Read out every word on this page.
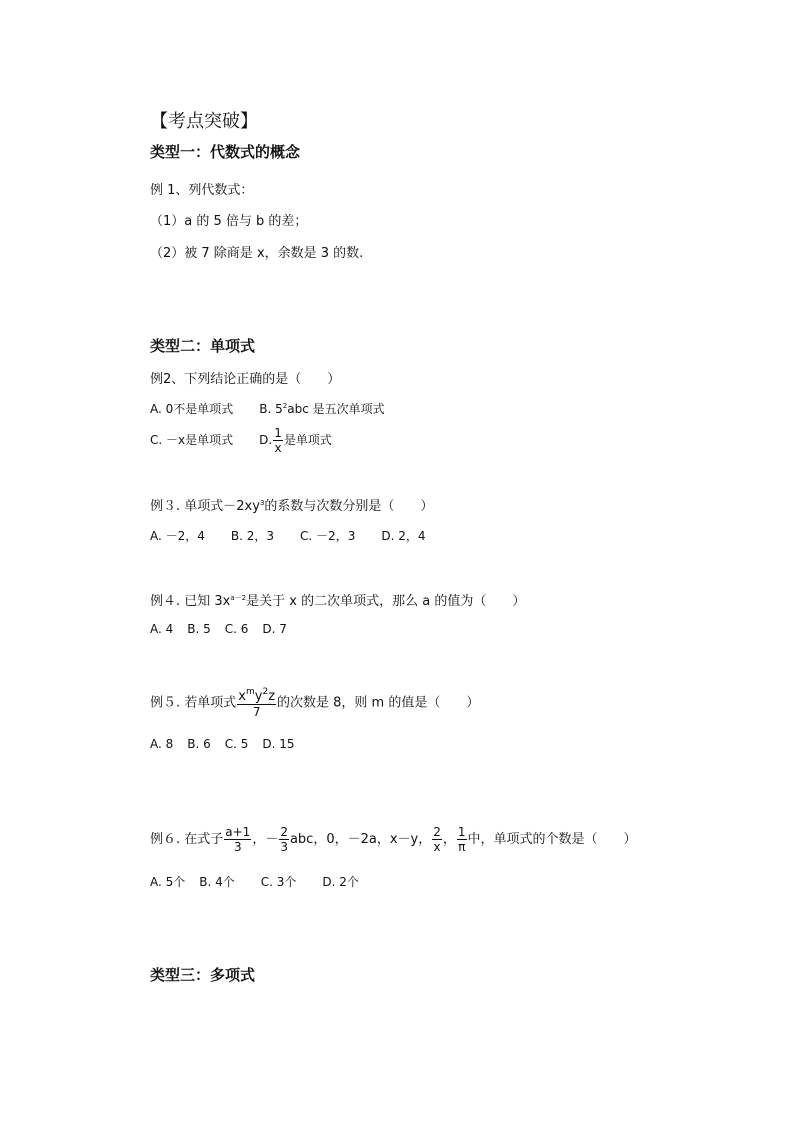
【考点突破】
类型一：代数式的概念
例 1、列代数式：
（1）a 的 5 倍与 b 的差；
（2）被 7 除商是 x，余数是 3 的数.
类型二：单项式
例2、下列结论正确的是（　　）
A. 0不是单项式 B. $5^2abc$ 是五次单项式
C. －x是单项式 D. $\frac{1}{x}$ 是单项式
例３. 单项式$-2xy^3$的系数与次数分别是（　　）
A. －2，4 B. 2，3 C. －2，3 D. 2，4
例４. 已知 $3x^{a-2}$是关于 x 的二次单项式，那么 a 的值为（　　）
A. 4 B. 5 C. 6 D. 7
例５. 若单项式 $\frac{x^my^2z}{7}$ 的次数是 8，则 m 的值是（　　）
A. 8 B. 6 C. 5 D. 15
例６. 在式子 $\frac{a+1}{3}$ ，－ $\frac{2}{3}$ abc，0，－2a，x－y， $\frac{2}{x}$ ， $\frac{1}{\pi}$ 中，单项式的个数是（　　）
A. 5个 B. 4个 C. 3个 D. 2个
类型三：多项式
